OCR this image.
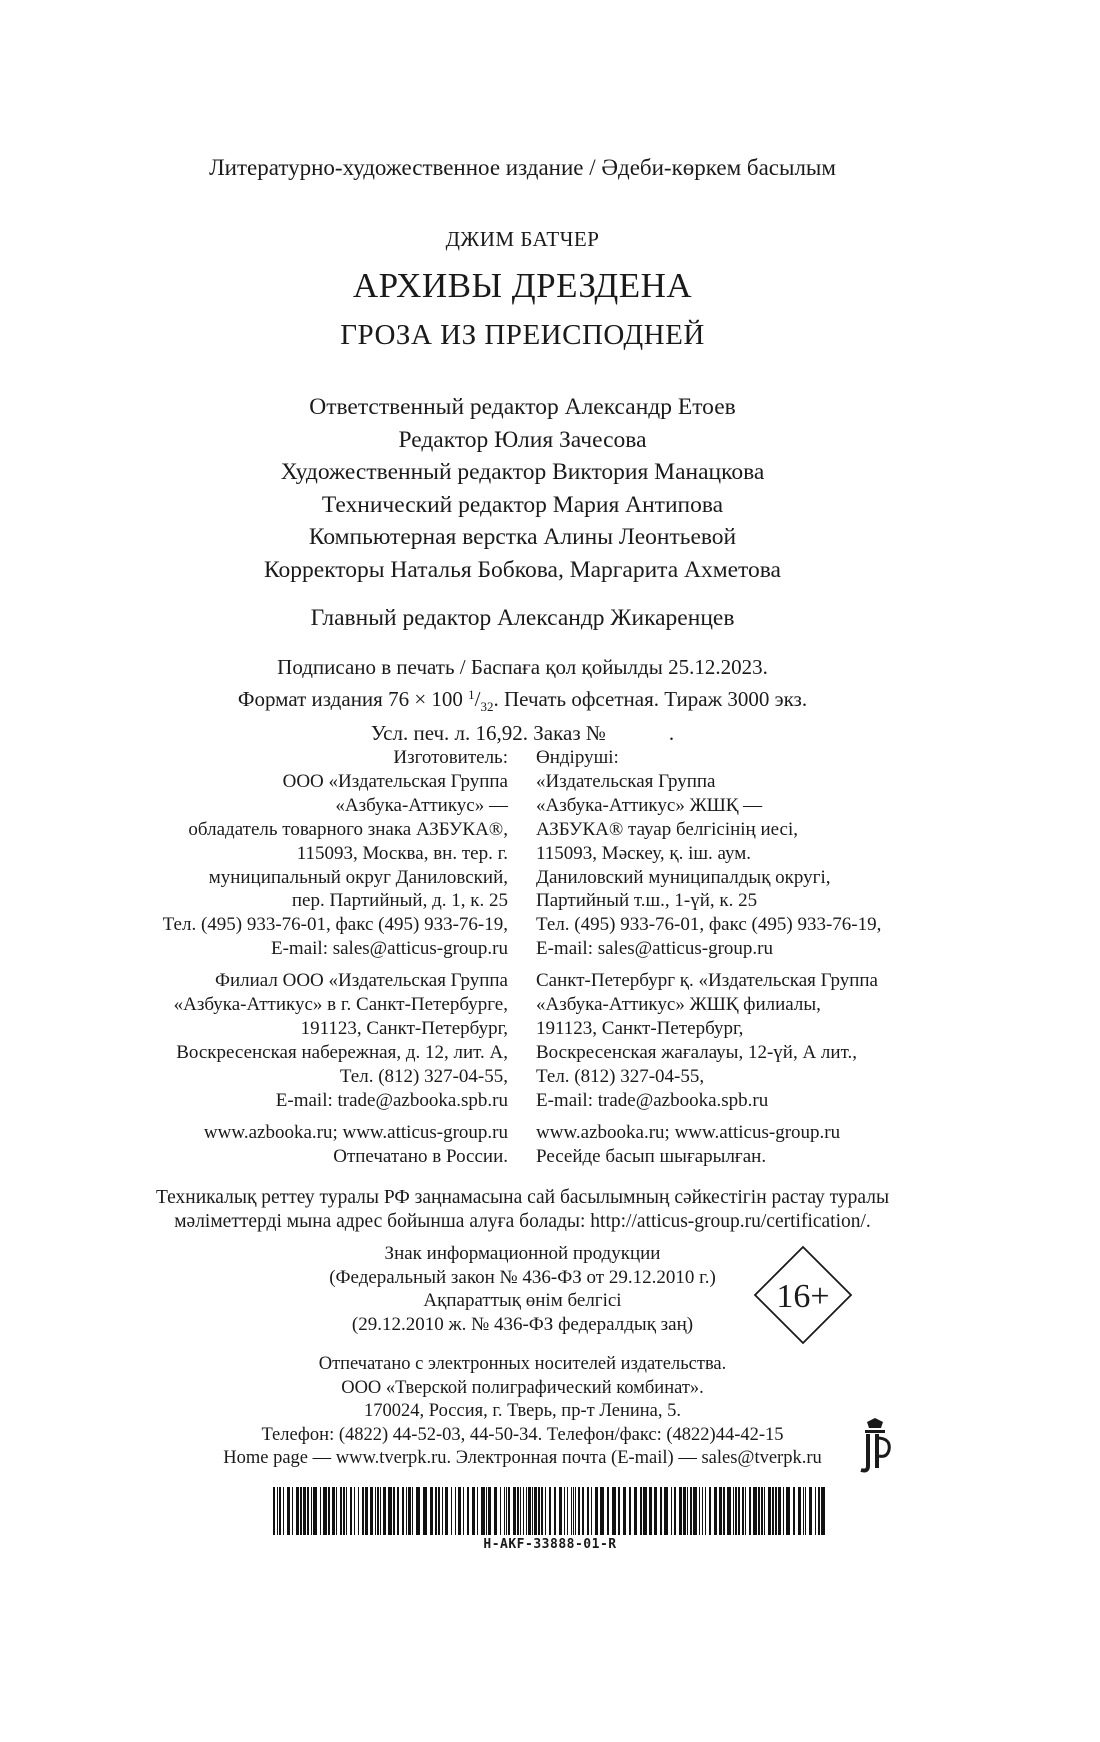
Литературно-художественное издание / Әдеби-көркем басылым
ДЖИМ БАТЧЕР
АРХИВЫ ДРЕЗДЕНА
ГРОЗА ИЗ ПРЕИСПОДНЕЙ
Ответственный редактор Александр Етоев
Редактор Юлия Зачесова
Художественный редактор Виктория Манацкова
Технический редактор Мария Антипова
Компьютерная верстка Алины Леонтьевой
Корректоры Наталья Бобкова, Маргарита Ахметова
Главный редактор Александр Жикаренцев
Подписано в печать / Баспаға қол қойылды 25.12.2023.
Формат издания 76 × 100 $^1/_{32}$. Печать офсетная. Тираж 3000 экз.
Усл. печ. л. 16,92. Заказ №            .
Изготовитель:
ООО «Издательская Группа
«Азбука-Аттикус» —
обладатель товарного знака АЗБУКА®,
115093, Москва, вн. тер. г.
муниципальный округ Даниловский,
пер. Партийный, д. 1, к. 25
Тел. (495) 933-76-01, факс (495) 933-76-19,
E-mail: sales@atticus-group.ru
Өндіруші:
«Издательская Группа
«Азбука-Аттикус» ЖШҚ —
АЗБУКА® тауар белгісінің иесі,
115093, Мәскеу, қ. іш. аум.
Даниловский муниципалдық округі,
Партийный т.ш., 1-үй, к. 25
Тел. (495) 933-76-01, факс (495) 933-76-19,
E-mail: sales@atticus-group.ru
Филиал ООО «Издательская Группа
«Азбука-Аттикус» в г. Санкт-Петербурге,
191123, Санкт-Петербург,
Воскресенская набережная, д. 12, лит. А,
Тел. (812) 327-04-55,
E-mail: trade@azbooka.spb.ru
Санкт-Петербург қ. «Издательская Группа
«Азбука-Аттикус» ЖШҚ филиалы,
191123, Санкт-Петербург,
Воскресенская жағалауы, 12-үй, А лит.,
Тел. (812) 327-04-55,
E-mail: trade@azbooka.spb.ru
www.azbooka.ru; www.atticus-group.ru
Отпечатано в России.
www.azbooka.ru; www.atticus-group.ru
Ресейде басып шығарылған.
Техникалық реттеу туралы РФ заңнамасына сай басылымның сәйкестігін растау туралы
мәліметтерді мына адрес бойынша алуға болады: http://atticus-group.ru/certification/.
Знак информационной продукции
(Федеральный закон № 436-ФЗ от 29.12.2010 г.)
Ақпараттық өнім белгісі
(29.12.2010 ж. № 436-ФЗ федералдық заң)
16+
Отпечатано с электронных носителей издательства.
ООО «Тверской полиграфический комбинат».
170024, Россия, г. Тверь, пр-т Ленина, 5.
Телефон: (4822) 44-52-03, 44-50-34. Телефон/факс: (4822)44-42-15
Home page — www.tverpk.ru. Электронная почта (E-mail) — sales@tverpk.ru
H-AKF-33888-01-R
